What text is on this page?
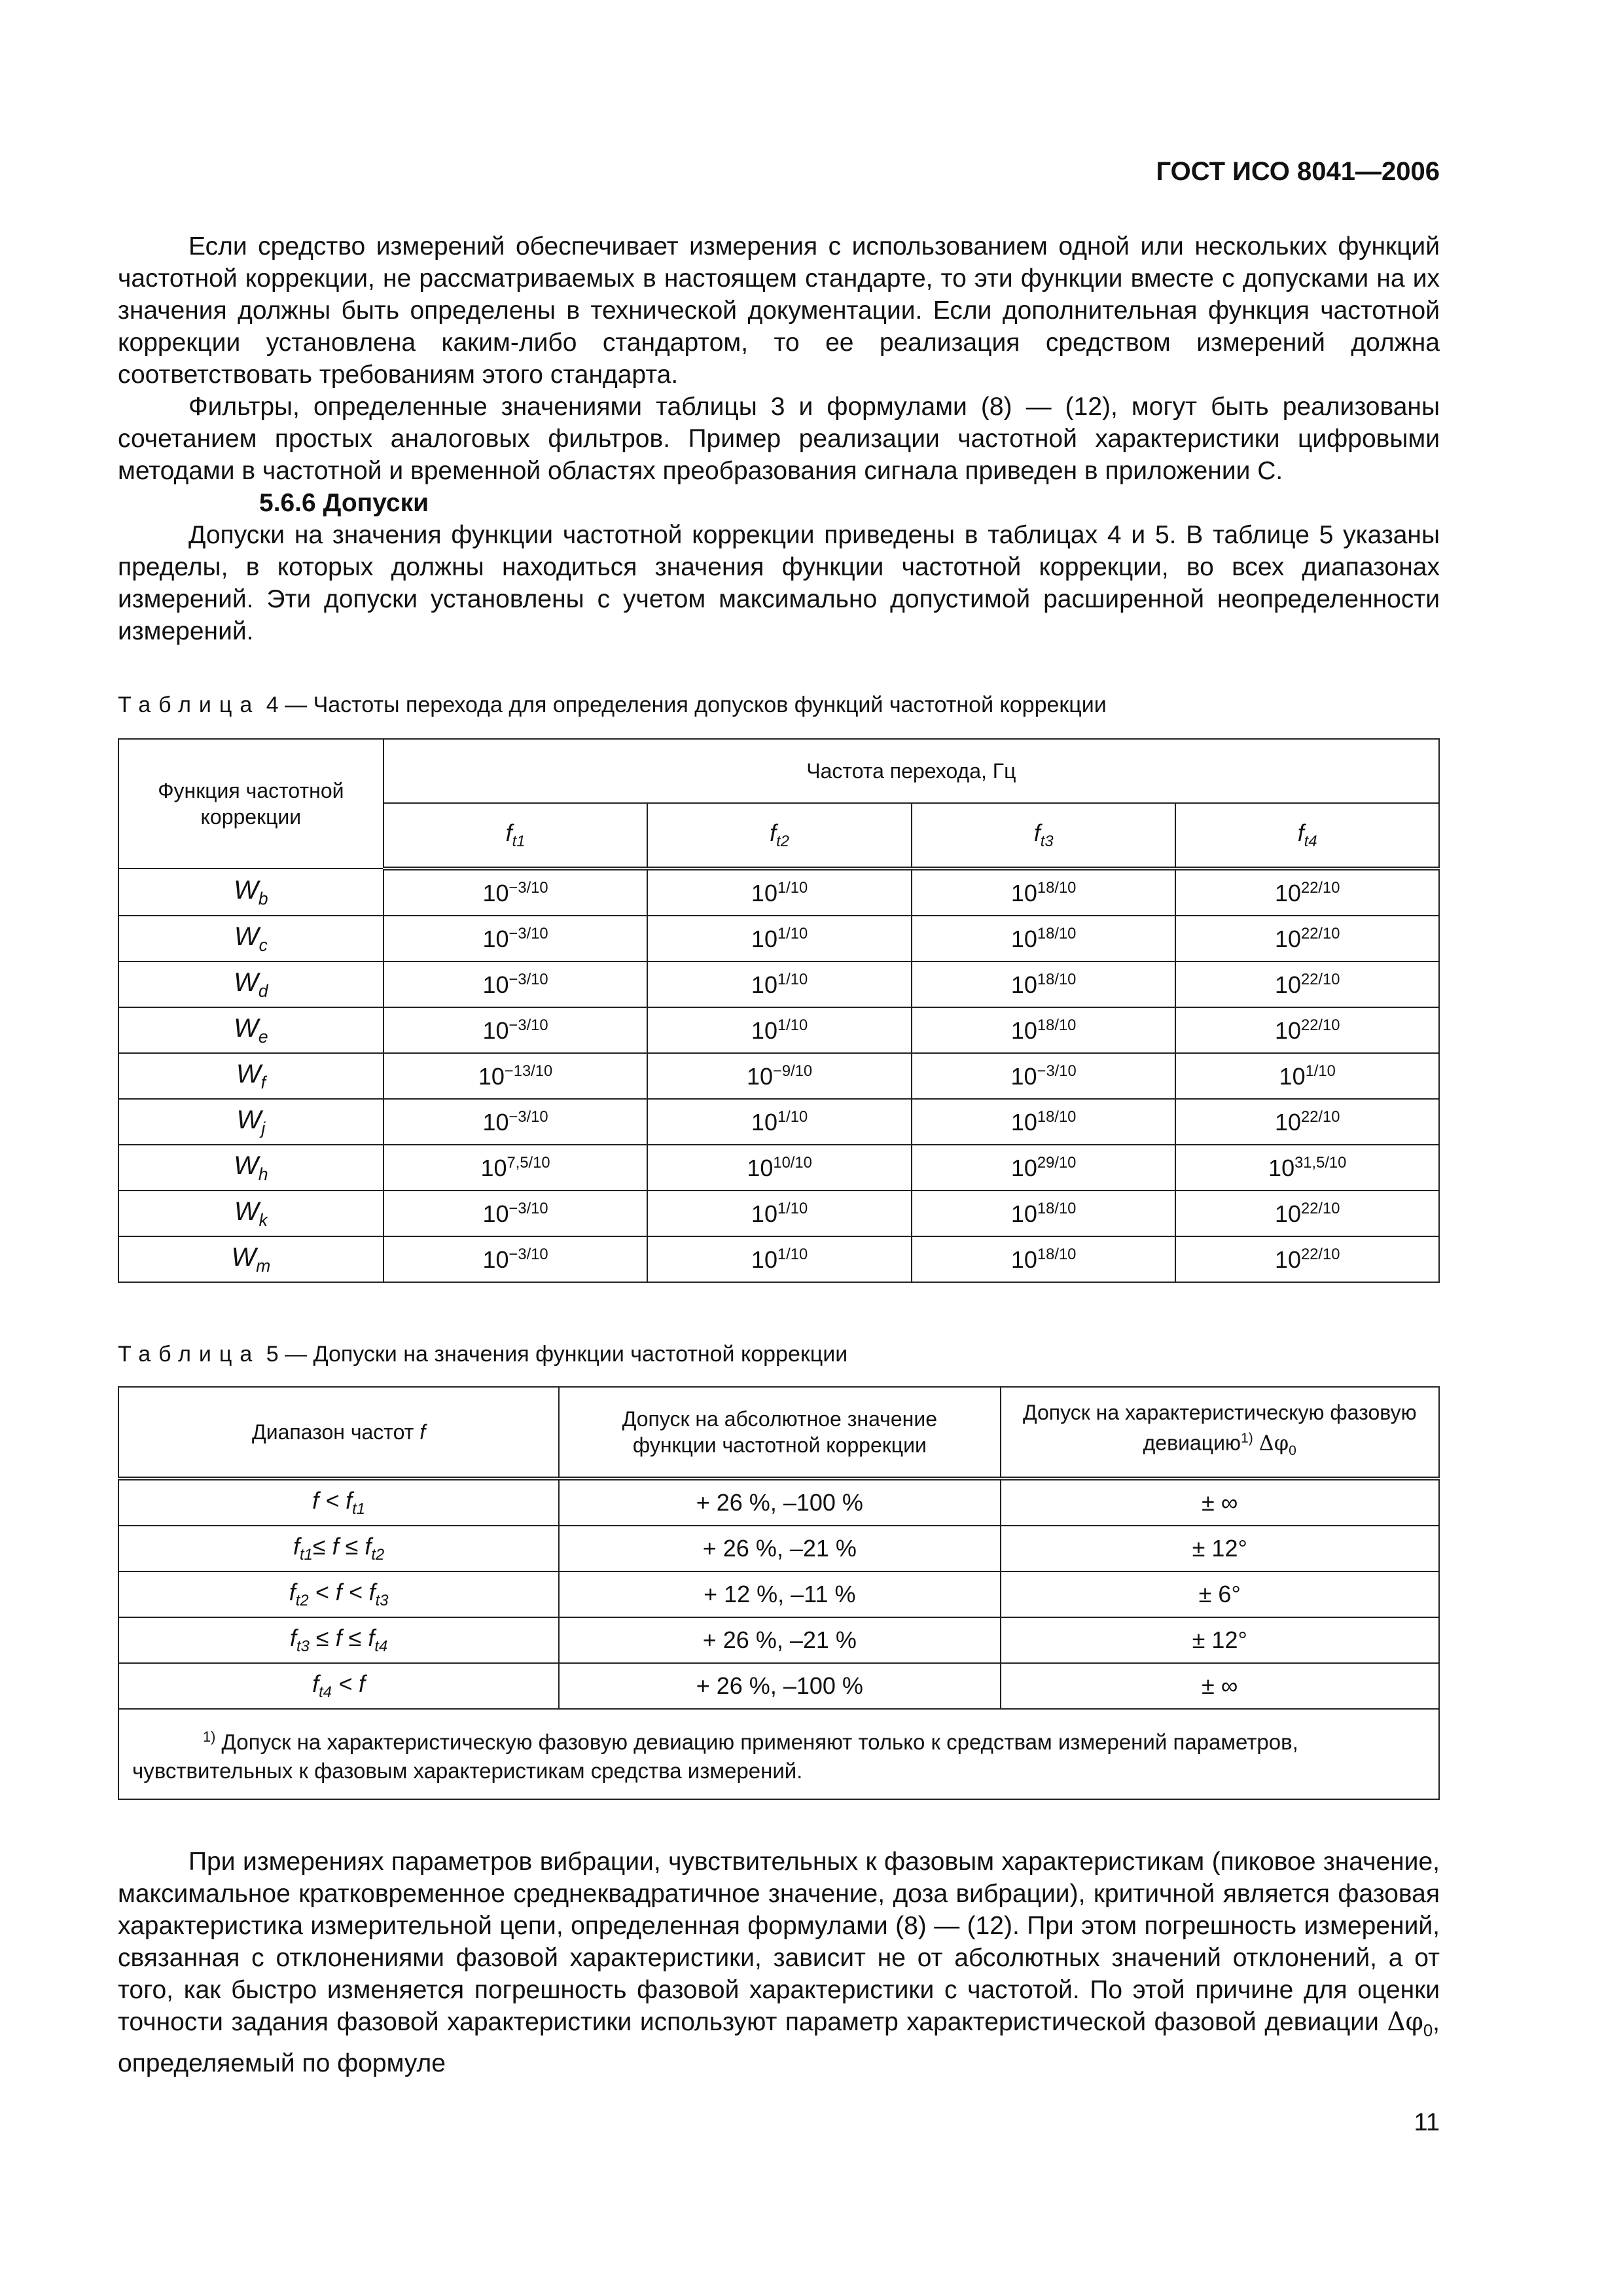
ГОСТ ИСО 8041—2006

Если средство измерений обеспечивает измерения с использованием одной или нескольких функций частотной коррекции, не рассматриваемых в настоящем стандарте, то эти функции вместе с допусками на их значения должны быть определены в технической документации. Если дополнительная функция частотной коррекции установлена каким-либо стандартом, то ее реализация средством измерений должна соответствовать требованиям этого стандарта.

Фильтры, определенные значениями таблицы 3 и формулами (8) — (12), могут быть реализованы сочетанием простых аналоговых фильтров. Пример реализации частотной характеристики цифровыми методами в частотной и временной областях преобразования сигнала приведен в приложении С.

5.6.6 Допуски

Допуски на значения функции частотной коррекции приведены в таблицах 4 и 5. В таблице 5 указаны пределы, в которых должны находиться значения функции частотной коррекции, во всех диапазонах измерений. Эти допуски установлены с учетом максимально допустимой расширенной неопределенности измерений.

Таблица 4 — Частоты перехода для определения допусков функций частотной коррекции
Функция частотной коррекции	Частота перехода, Гц			
	$f_{t1}$	$f_{t2}$	$f_{t3}$	$f_{t4}$
$W_b$	$10^{-3/10}$	$10^{1/10}$	$10^{18/10}$	$10^{22/10}$
$W_c$	$10^{-3/10}$	$10^{1/10}$	$10^{18/10}$	$10^{22/10}$
$W_d$	$10^{-3/10}$	$10^{1/10}$	$10^{18/10}$	$10^{22/10}$
$W_e$	$10^{-3/10}$	$10^{1/10}$	$10^{18/10}$	$10^{22/10}$
$W_f$	$10^{-13/10}$	$10^{-9/10}$	$10^{-3/10}$	$10^{1/10}$
$W_j$	$10^{-3/10}$	$10^{1/10}$	$10^{18/10}$	$10^{22/10}$
$W_h$	$10^{7,5/10}$	$10^{10/10}$	$10^{29/10}$	$10^{31,5/10}$
$W_k$	$10^{-3/10}$	$10^{1/10}$	$10^{18/10}$	$10^{22/10}$
$W_m$	$10^{-3/10}$	$10^{1/10}$	$10^{18/10}$	$10^{22/10}$
Таблица 5 — Допуски на значения функции частотной коррекции
Диапазон частот f	Допуск на абсолютное значение функции частотной коррекции	Допуск на характеристическую фазовую девиацию$^{1)}$ $\Delta\varphi_0$
$f < f_{t1}$	+ 26 %, –100 %	± ∞
$f_{t1}\le f \le f_{t2}$	+ 26 %, –21 %	± 12°
$f_{t2} < f < f_{t3}$	+ 12 %, –11 %	± 6°
$f_{t3} \le f \le f_{t4}$	+ 26 %, –21 %	± 12°
$f_{t4} < f$	+ 26 %, –100 %	± ∞
$^{1)}$ Допуск на характеристическую фазовую девиацию применяют только к средствам измерений параметров, чувствительных к фазовым характеристикам средства измерений.		

При измерениях параметров вибрации, чувствительных к фазовым характеристикам (пиковое значение, максимальное кратковременное среднеквадратичное значение, доза вибрации), критичной является фазовая характеристика измерительной цепи, определенная формулами (8) — (12). При этом погрешность измерений, связанная с отклонениями фазовой характеристики, зависит не от абсолютных значений отклонений, а от того, как быстро изменяется погрешность фазовой характеристики с частотой. По этой причине для оценки точности задания фазовой характеристики используют параметр характеристической фазовой девиации $\Delta\varphi_0$, определяемый по формуле

11
